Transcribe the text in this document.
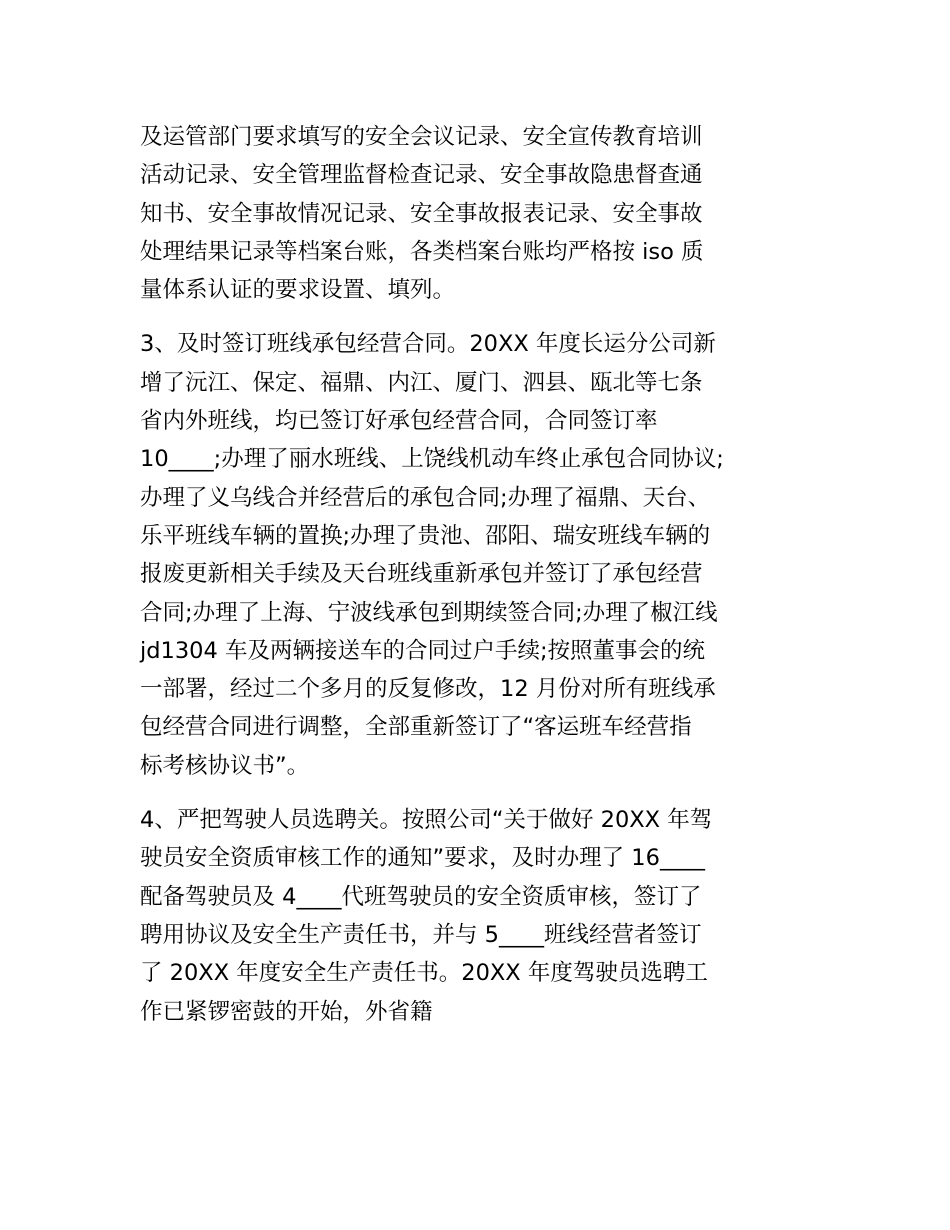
及运管部门要求填写的安全会议记录、安全宣传教育培训
活动记录、安全管理监督检查记录、安全事故隐患督查通
知书、安全事故情况记录、安全事故报表记录、安全事故
处理结果记录等档案台账，各类档案台账均严格按 iso 质
量体系认证的要求设置、填列。

3、及时签订班线承包经营合同。20XX 年度长运分公司新
增了沅江、保定、福鼎、内江、厦门、泗县、瓯北等七条
省内外班线，均已签订好承包经营合同，合同签订率
10____;办理了丽水班线、上饶线机动车终止承包合同协议;
办理了义乌线合并经营后的承包合同;办理了福鼎、天台、
乐平班线车辆的置换;办理了贵池、邵阳、瑞安班线车辆的
报废更新相关手续及天台班线重新承包并签订了承包经营
合同;办理了上海、宁波线承包到期续签合同;办理了椒江线
jd1304 车及两辆接送车的合同过户手续;按照董事会的统
一部署，经过二个多月的反复修改，12 月份对所有班线承
包经营合同进行调整，全部重新签订了“客运班车经营指
标考核协议书”。

4、严把驾驶人员选聘关。按照公司“关于做好 20XX 年驾
驶员安全资质审核工作的通知”要求，及时办理了 16____
配备驾驶员及 4____代班驾驶员的安全资质审核，签订了
聘用协议及安全生产责任书，并与 5____班线经营者签订
了 20XX 年度安全生产责任书。20XX 年度驾驶员选聘工
作已紧锣密鼓的开始，外省籍
